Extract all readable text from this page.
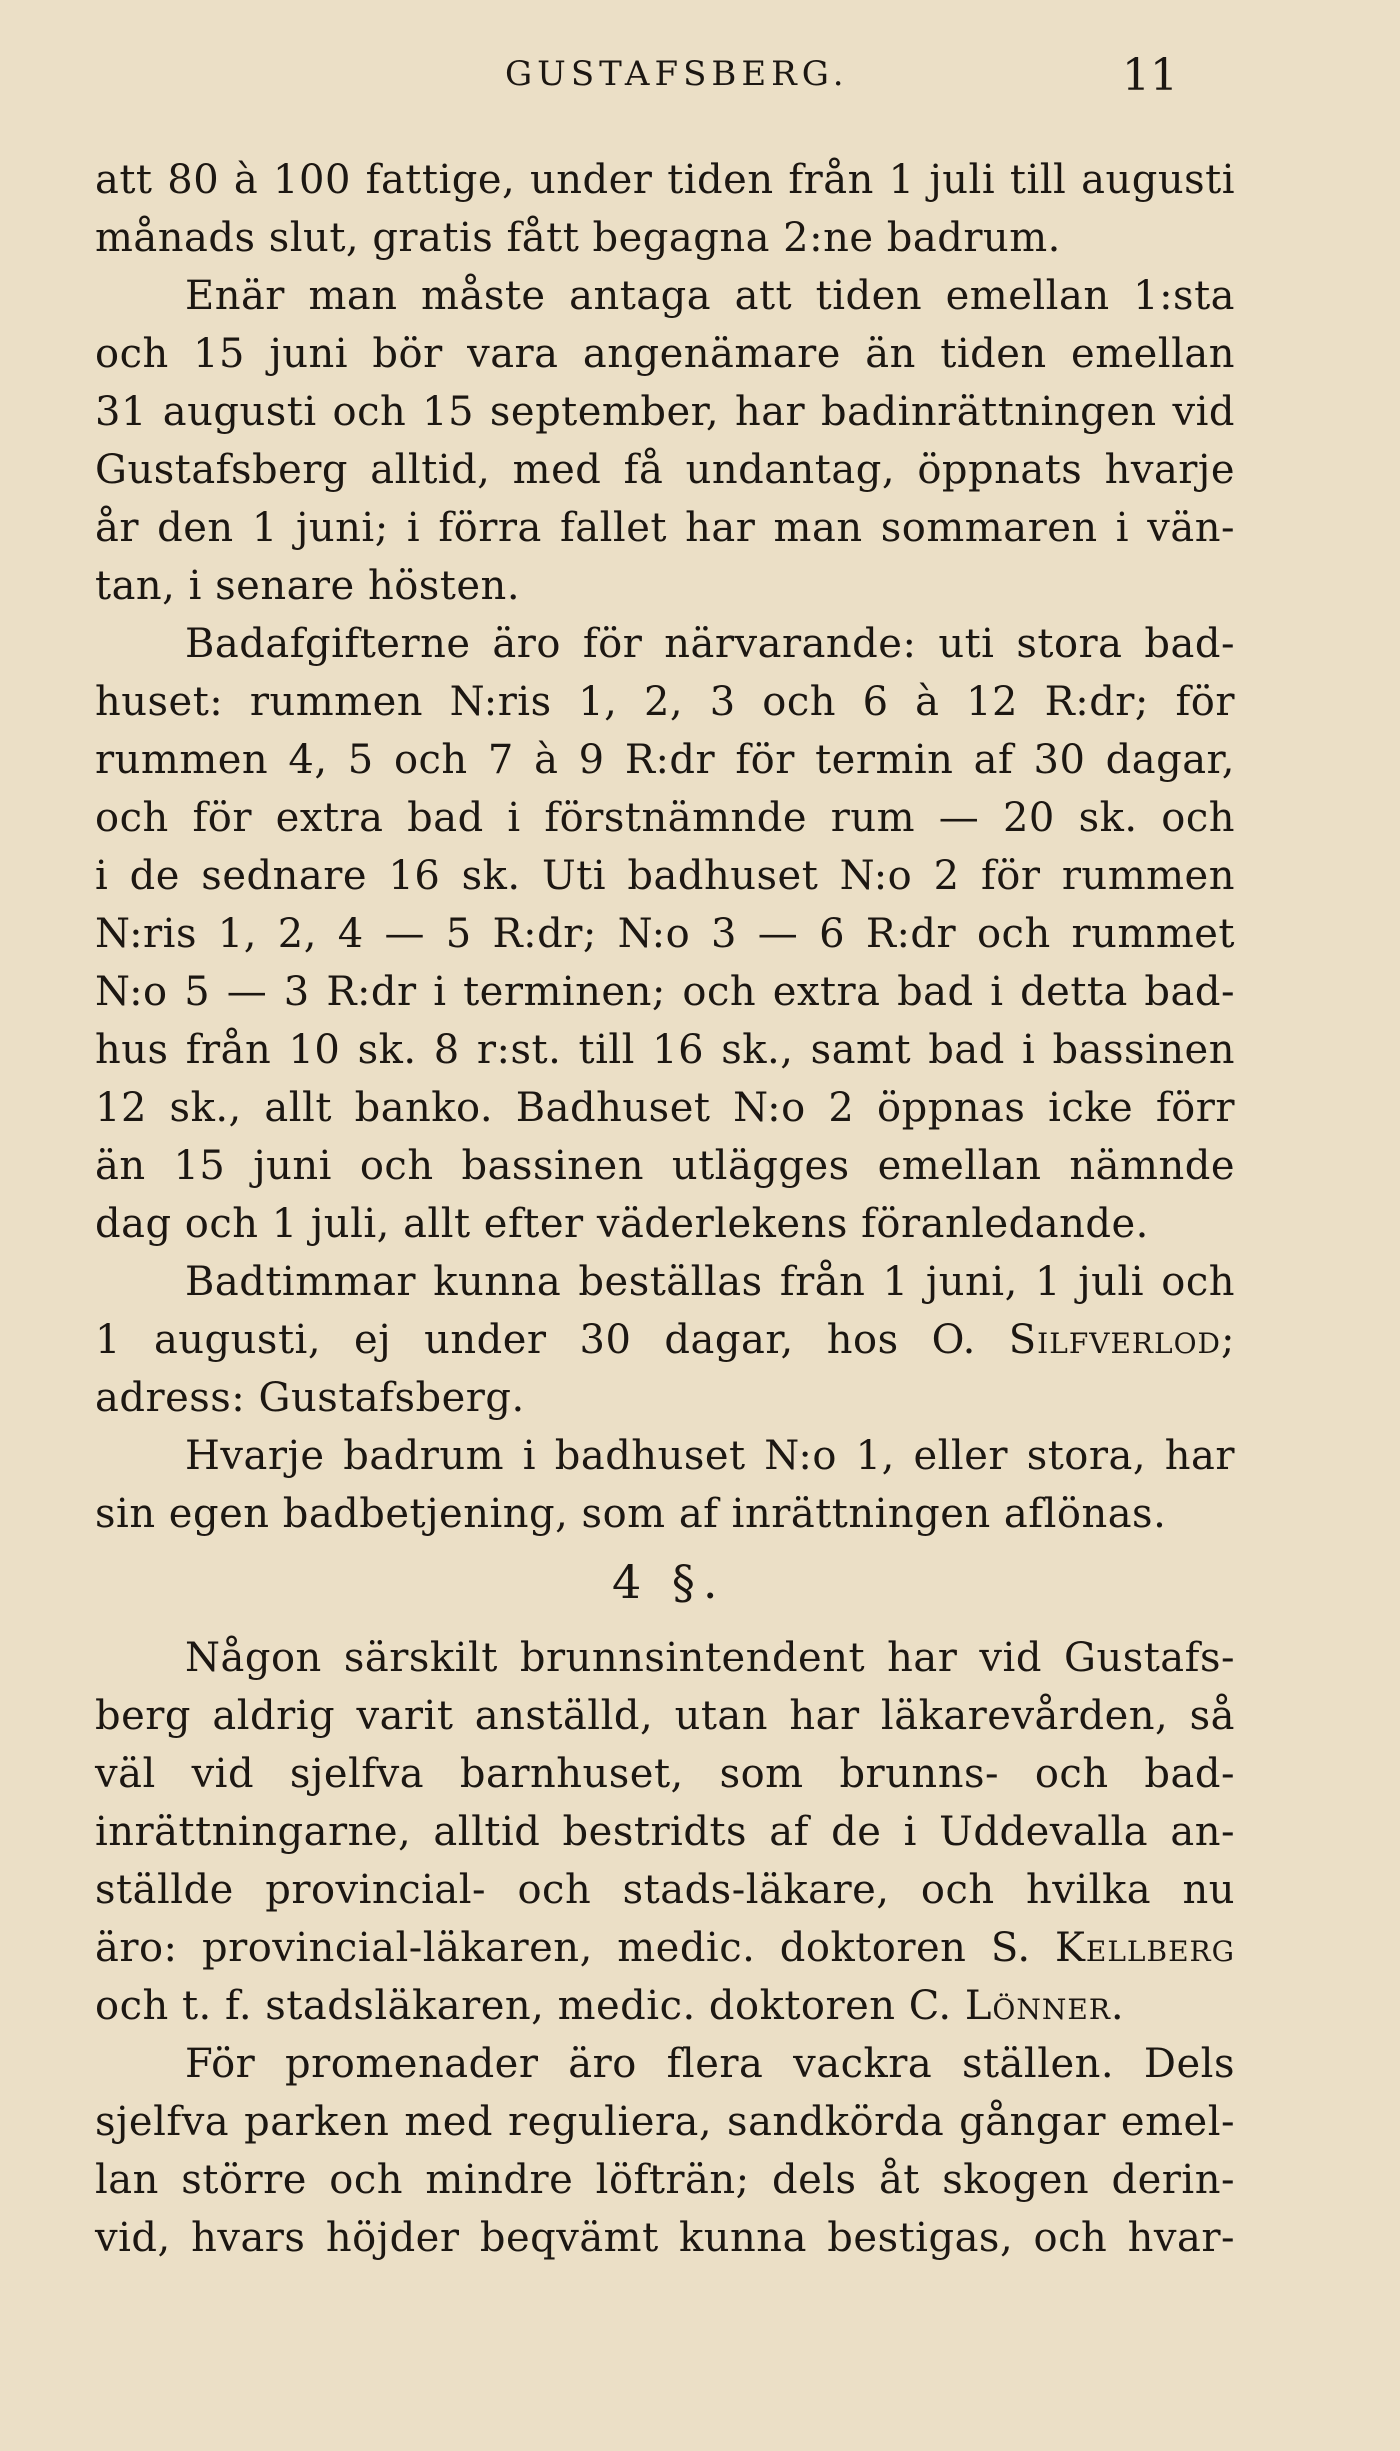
GUSTAFSBERG.	11
att 80 à 100 fattige, under tiden från 1 juli till augusti
månads slut, gratis fått begagna 2:ne badrum.
Enär man måste antaga att tiden emellan 1:sta
och 15 juni bör vara angenämare än tiden emellan
31 augusti och 15 september, har badinrättningen vid
Gustafsberg alltid, med få undantag, öppnats hvarje
år den 1 juni; i förra fallet har man sommaren i vän-
tan, i senare hösten.
Badafgifterne äro för närvarande: uti stora bad-
huset: rummen N:ris 1, 2, 3 och 6 à 12 R:dr; för
rummen 4, 5 och 7 à 9 R:dr för termin af 30 dagar,
och för extra bad i förstnämnde rum — 20 sk. och
i de sednare 16 sk. Uti badhuset N:o 2 för rummen
N:ris 1, 2, 4 — 5 R:dr; N:o 3 — 6 R:dr och rummet
N:o 5 — 3 R:dr i terminen; och extra bad i detta bad-
hus från 10 sk. 8 r:st. till 16 sk., samt bad i bassinen
12 sk., allt banko. Badhuset N:o 2 öppnas icke förr
än 15 juni och bassinen utlägges emellan nämnde
dag och 1 juli, allt efter väderlekens föranledande.
Badtimmar kunna beställas från 1 juni, 1 juli och

1 augusti, ej under 30 dagar, hos O. Silfverlod;

adress: Gustafsberg.
Hvarje badrum i badhuset N:o 1, eller stora, har
sin egen badbetjening, som af inrättningen aflönas.
4 §.
Någon särskilt brunnsintendent har vid Gustafs-
berg aldrig varit anställd, utan har läkarevården, så
väl vid sjelfva barnhuset, som brunns- och bad-
inrättningarne, alltid bestridts af de i Uddevalla an-
ställde provincial- och stads-läkare, och hvilka nu

äro: provincial-läkaren, medic. doktoren S. Kellberg

och t. f. stadsläkaren, medic. doktoren C. Lönner.

För promenader äro flera vackra ställen. Dels
sjelfva parken med reguliera, sandkörda gångar emel-
lan större och mindre löfträn; dels åt skogen derin-
vid, hvars höjder beqvämt kunna bestigas, och hvar-
